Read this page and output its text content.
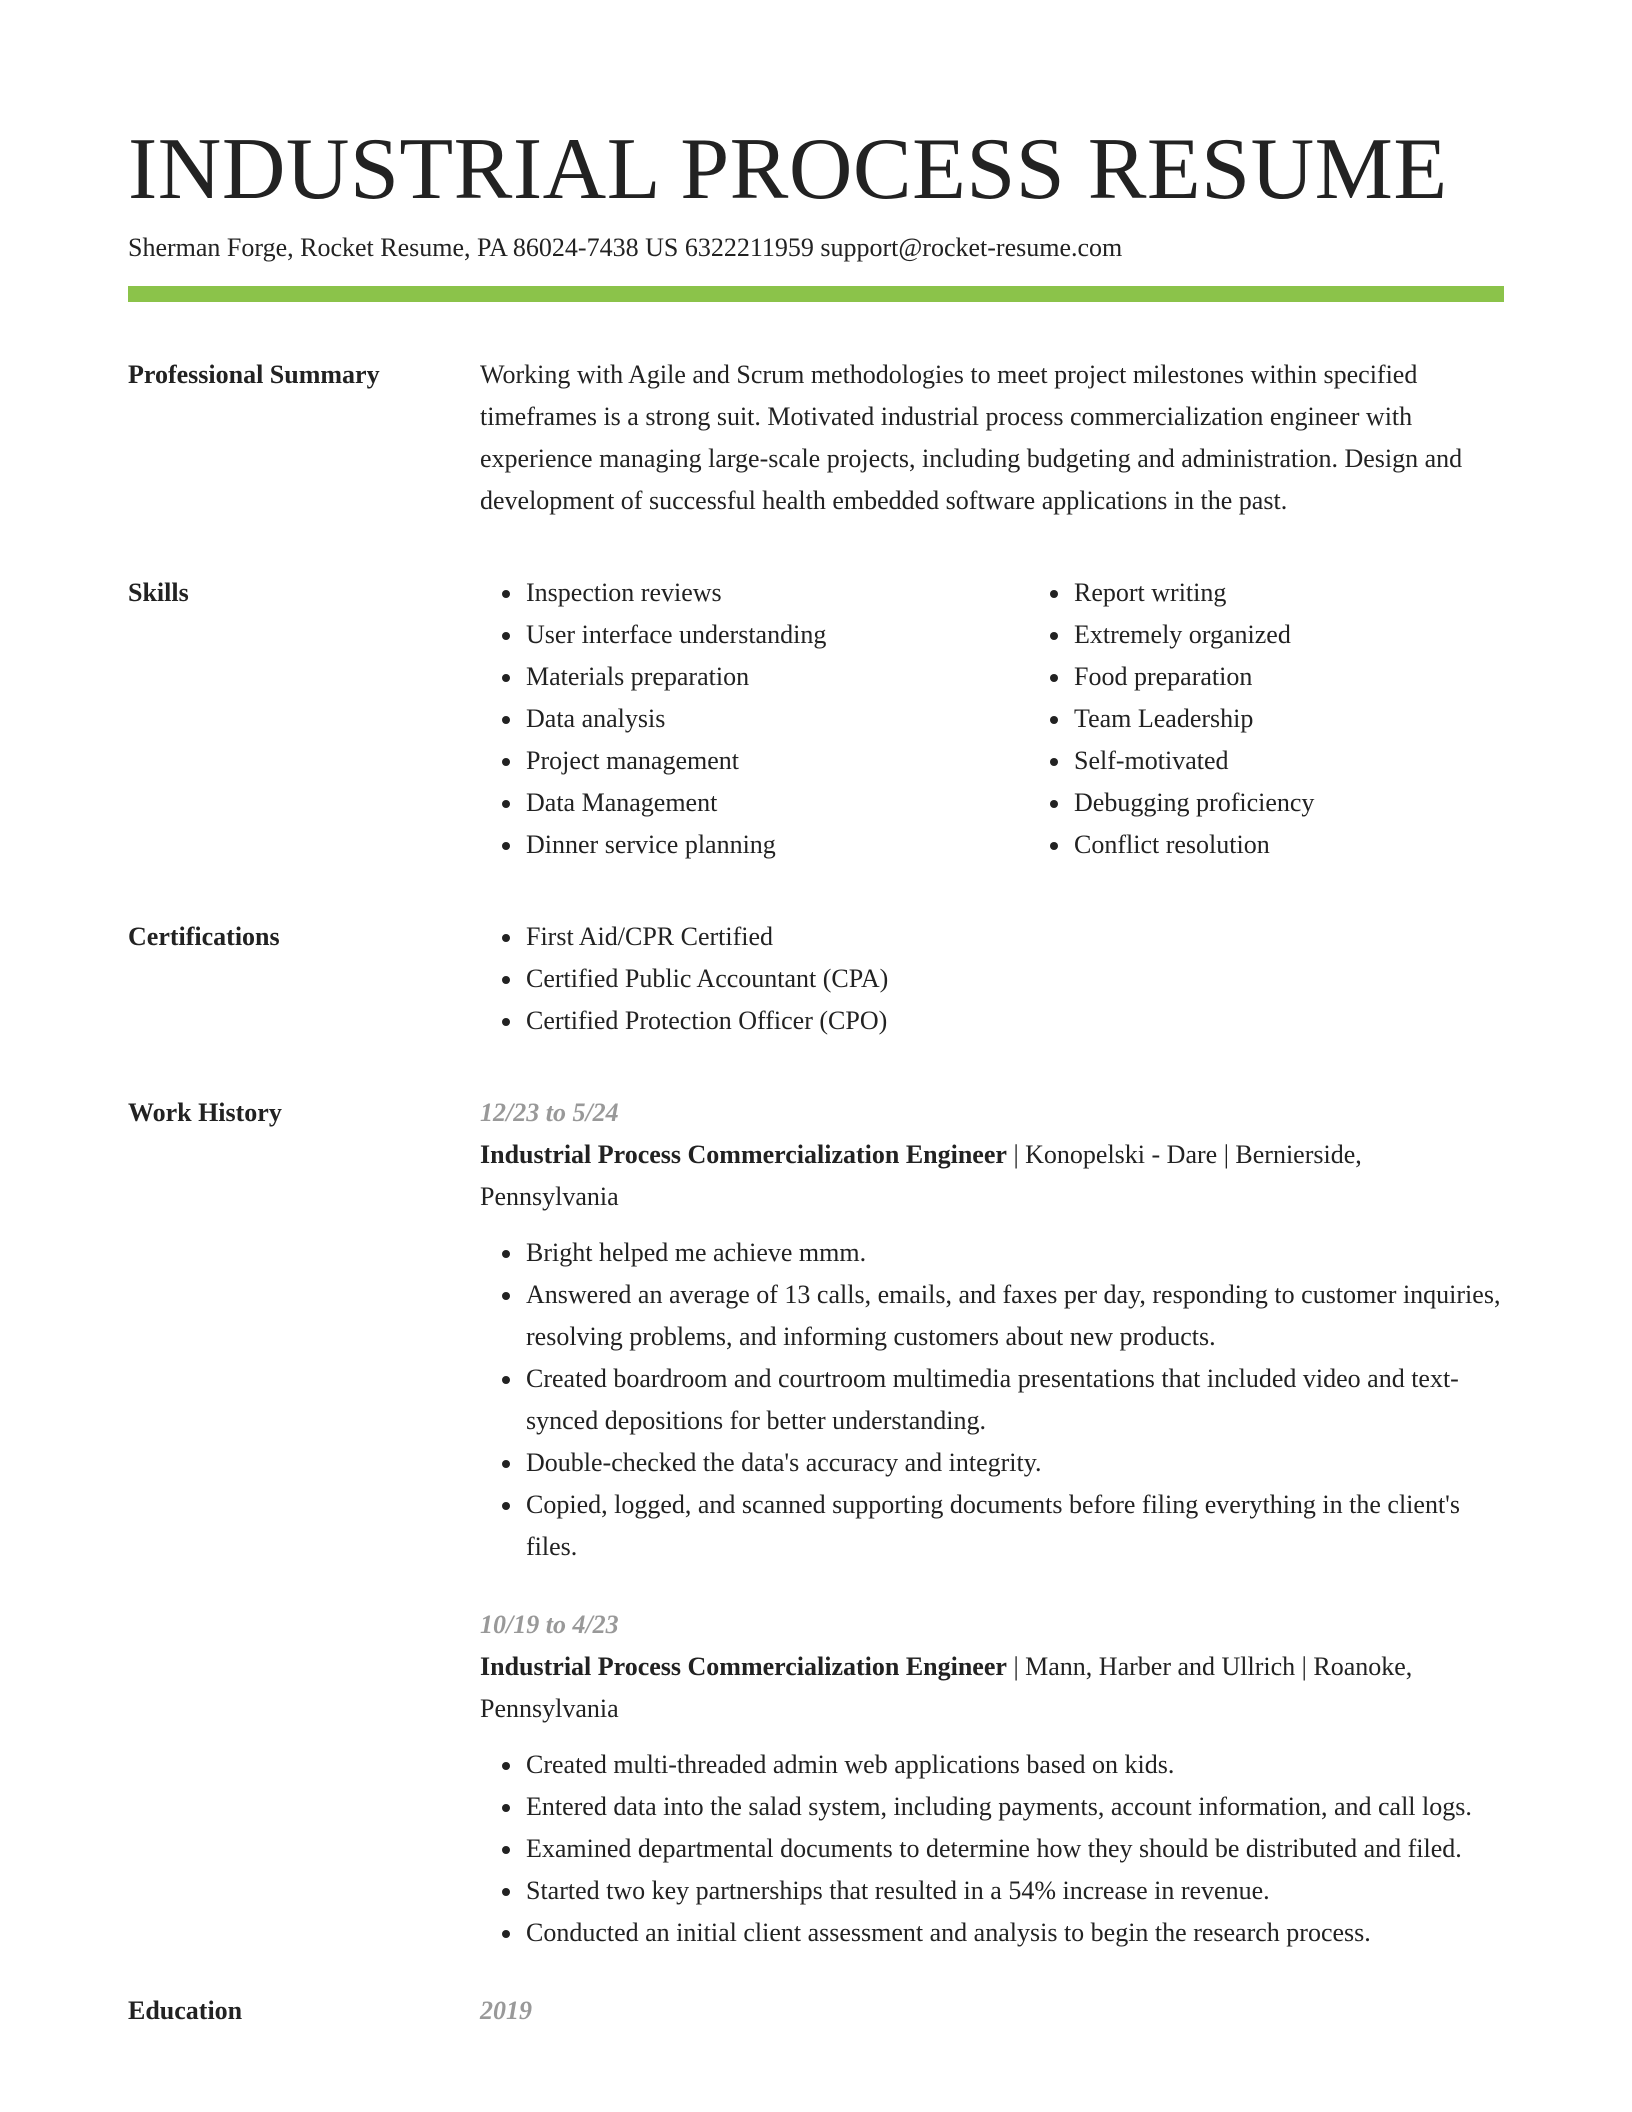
INDUSTRIAL PROCESS RESUME
Sherman Forge, Rocket Resume, PA 86024-7438 US 6322211959 support@rocket-resume.com
Professional Summary	Working with Agile and Scrum methodologies to meet project milestones within specified timeframes is a strong suit. Motivated industrial process commercialization engineer with experience managing large-scale projects, including budgeting and administration. Design and development of successful health embedded software applications in the past.

Skills	• Inspection reviews
• User interface understanding
• Materials preparation
• Data analysis
• Project management
• Data Management
• Dinner service planning
• Report writing
• Extremely organized
• Food preparation
• Team Leadership
• Self-motivated
• Debugging proficiency
• Conflict resolution
Certifications	• First Aid/CPR Certified
• Certified Public Accountant (CPA)
• Certified Protection Officer (CPO)
Work History	12/23 to 5/24
Industrial Process Commercialization Engineer | Konopelski - Dare | Bernierside, Pennsylvania
• Bright helped me achieve mmm.
• Answered an average of 13 calls, emails, and faxes per day, responding to customer inquiries, resolving problems, and informing customers about new products.
• Created boardroom and courtroom multimedia presentations that included video and text-synced depositions for better understanding.
• Double-checked the data's accuracy and integrity.
• Copied, logged, and scanned supporting documents before filing everything in the client's files.
10/19 to 4/23
Industrial Process Commercialization Engineer | Mann, Harber and Ullrich | Roanoke, Pennsylvania
• Created multi-threaded admin web applications based on kids.
• Entered data into the salad system, including payments, account information, and call logs.
• Examined departmental documents to determine how they should be distributed and filed.
• Started two key partnerships that resulted in a 54% increase in revenue.
• Conducted an initial client assessment and analysis to begin the research process.
Education	2019
